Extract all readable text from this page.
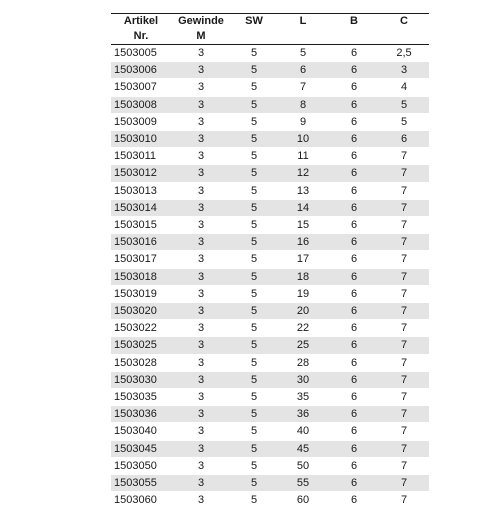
Artikel	Gewinde	SW	L	B	C
Nr.	M				
1503005	3	5	5	6	2,5
1503006	3	5	6	6	3
1503007	3	5	7	6	4
1503008	3	5	8	6	5
1503009	3	5	9	6	5
1503010	3	5	10	6	6
1503011	3	5	11	6	7
1503012	3	5	12	6	7
1503013	3	5	13	6	7
1503014	3	5	14	6	7
1503015	3	5	15	6	7
1503016	3	5	16	6	7
1503017	3	5	17	6	7
1503018	3	5	18	6	7
1503019	3	5	19	6	7
1503020	3	5	20	6	7
1503022	3	5	22	6	7
1503025	3	5	25	6	7
1503028	3	5	28	6	7
1503030	3	5	30	6	7
1503035	3	5	35	6	7
1503036	3	5	36	6	7
1503040	3	5	40	6	7
1503045	3	5	45	6	7
1503050	3	5	50	6	7
1503055	3	5	55	6	7
1503060	3	5	60	6	7
